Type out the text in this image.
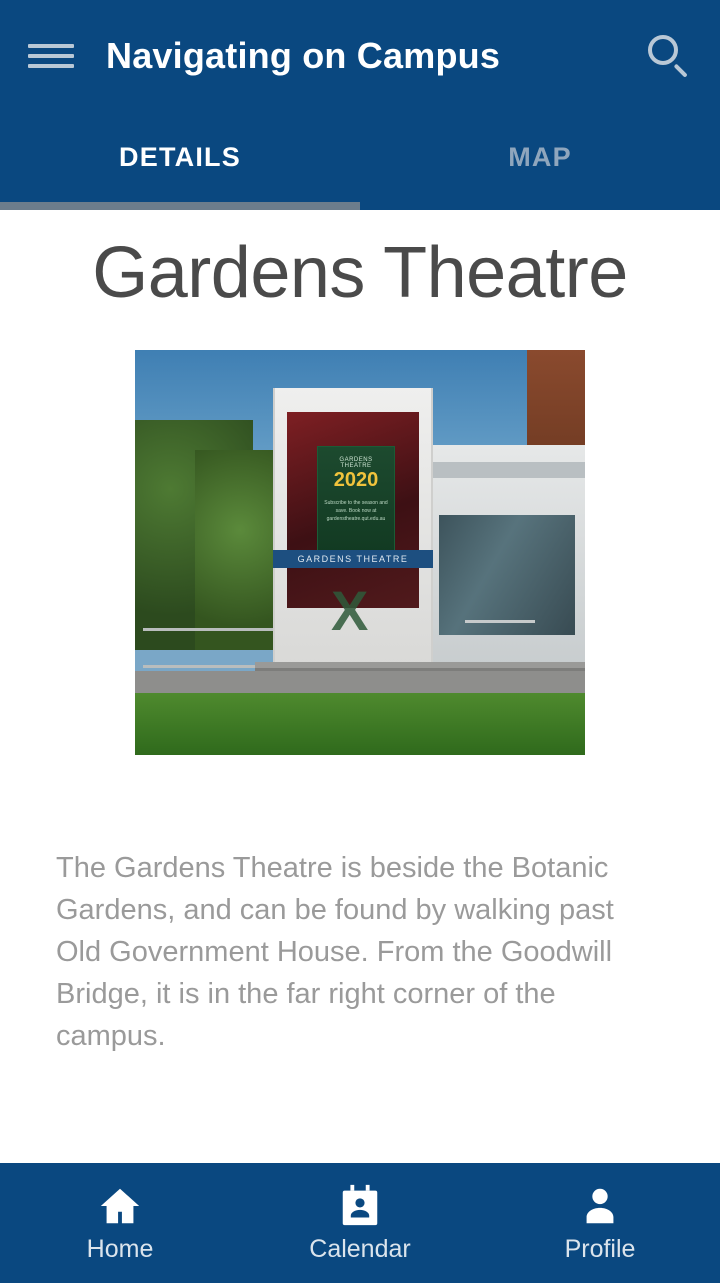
Navigating on Campus
DETAILS	MAP
Gardens Theatre
GARDENS THEATRE
2020
Subscribe to the season and save. Book now at gardenstheatre.qut.edu.au
GARDENS THEATRE
X
The Gardens Theatre is beside the Botanic Gardens, and can be found by walking past Old Government House. From the Goodwill Bridge, it is in the far right corner of the campus.
Home	Calendar	Profile
